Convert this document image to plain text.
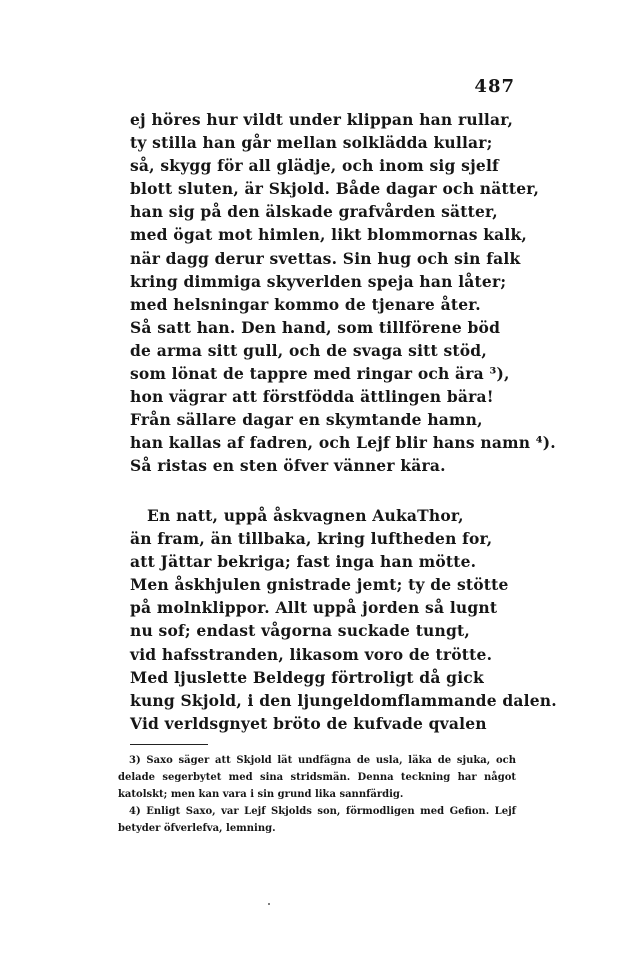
487
ej höres hur vildt under klippan han rullar,
ty stilla han går mellan solklädda kullar;
så, skygg för all glädje, och inom sig sjelf
blott sluten, är Skjold. Både dagar och nätter,
han sig på den älskade grafvården sätter,
med ögat mot himlen, likt blommornas kalk,
när dagg derur svettas. Sin hug och sin falk
kring dimmiga skyverlden speja han låter;
med helsningar kommo de tjenare åter.
Så satt han. Den hand, som tillförene böd
de arma sitt gull, och de svaga sitt stöd,
som lönat de tappre med ringar och ära ³),
hon vägrar att förstfödda ättlingen bära!
Från sällare dagar en skymtande hamn,
han kallas af fadren, och Lejf blir hans namn ⁴).
Så ristas en sten öfver vänner kära.
En natt, uppå åskvagnen AukaThor,
än fram, än tillbaka, kring luftheden for,
att Jättar bekriga; fast inga han mötte.
Men åskhjulen gnistrade jemt; ty de stötte
på molnklippor. Allt uppå jorden så lugnt
nu sof; endast vågorna suckade tungt,
vid hafsstranden, likasom voro de trötte.
Med ljuslette Beldegg förtroligt då gick
kung Skjold, i den ljungeldomflammande dalen.
Vid verldsgnyet bröto de kufvade qvalen

3) Saxo säger att Skjold lät undfägna de usla, läka de sjuka, och delade segerbytet med sina stridsmän. Denna teckning har något katolskt; men kan vara i sin grund lika sannfärdig.

4) Enligt Saxo, var Lejf Skjolds son, förmodligen med Gefion. Lejf betyder öfverlefva, lemning.
